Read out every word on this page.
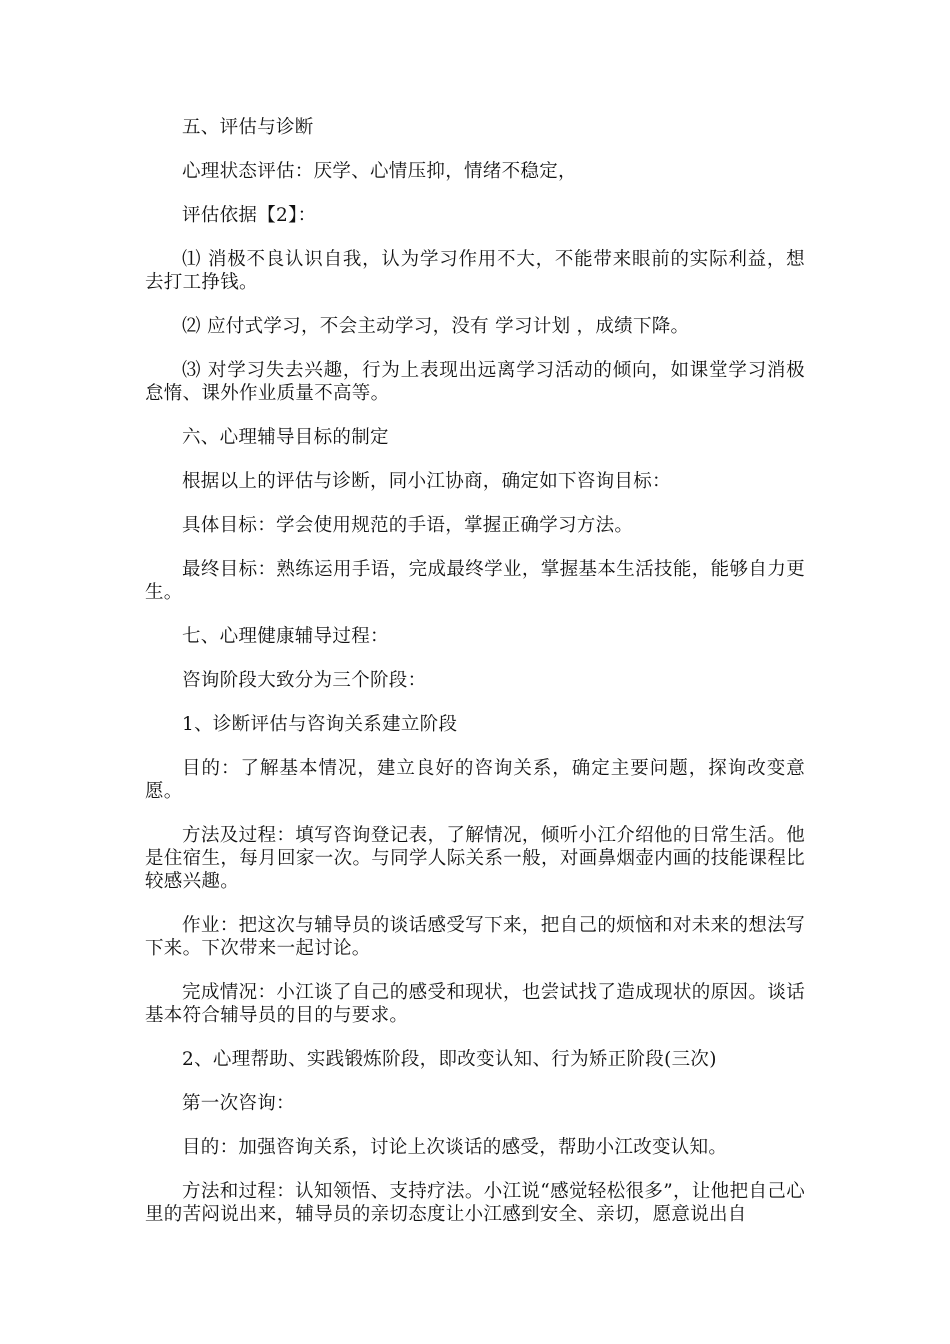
五、评估与诊断

心理状态评估：厌学、心情压抑，情绪不稳定，

评估依据【2】：

⑴ 消极不良认识自我，认为学习作用不大，不能带来眼前的实际利益，想去打工挣钱。

⑵ 应付式学习，不会主动学习，没有 学习计划 ，成绩下降。

⑶ 对学习失去兴趣，行为上表现出远离学习活动的倾向，如课堂学习消极怠惰、课外作业质量不高等。

六、心理辅导目标的制定

根据以上的评估与诊断，同小江协商，确定如下咨询目标：

具体目标：学会使用规范的手语，掌握正确学习方法。

最终目标：熟练运用手语，完成最终学业，掌握基本生活技能，能够自力更生。

七、心理健康辅导过程：

咨询阶段大致分为三个阶段：

1、诊断评估与咨询关系建立阶段

目的：了解基本情况，建立良好的咨询关系，确定主要问题，探询改变意愿。

方法及过程：填写咨询登记表，了解情况，倾听小江介绍他的日常生活。他是住宿生，每月回家一次。与同学人际关系一般，对画鼻烟壶内画的技能课程比较感兴趣。

作业：把这次与辅导员的谈话感受写下来，把自己的烦恼和对未来的想法写下来。下次带来一起讨论。

完成情况：小江谈了自己的感受和现状，也尝试找了造成现状的原因。谈话基本符合辅导员的目的与要求。

2、心理帮助、实践锻炼阶段，即改变认知、行为矫正阶段(三次)

第一次咨询：

目的：加强咨询关系，讨论上次谈话的感受，帮助小江改变认知。

方法和过程：认知领悟、支持疗法。小江说“感觉轻松很多”，让他把自己心里的苦闷说出来，辅导员的亲切态度让小江感到安全、亲切，愿意说出自
